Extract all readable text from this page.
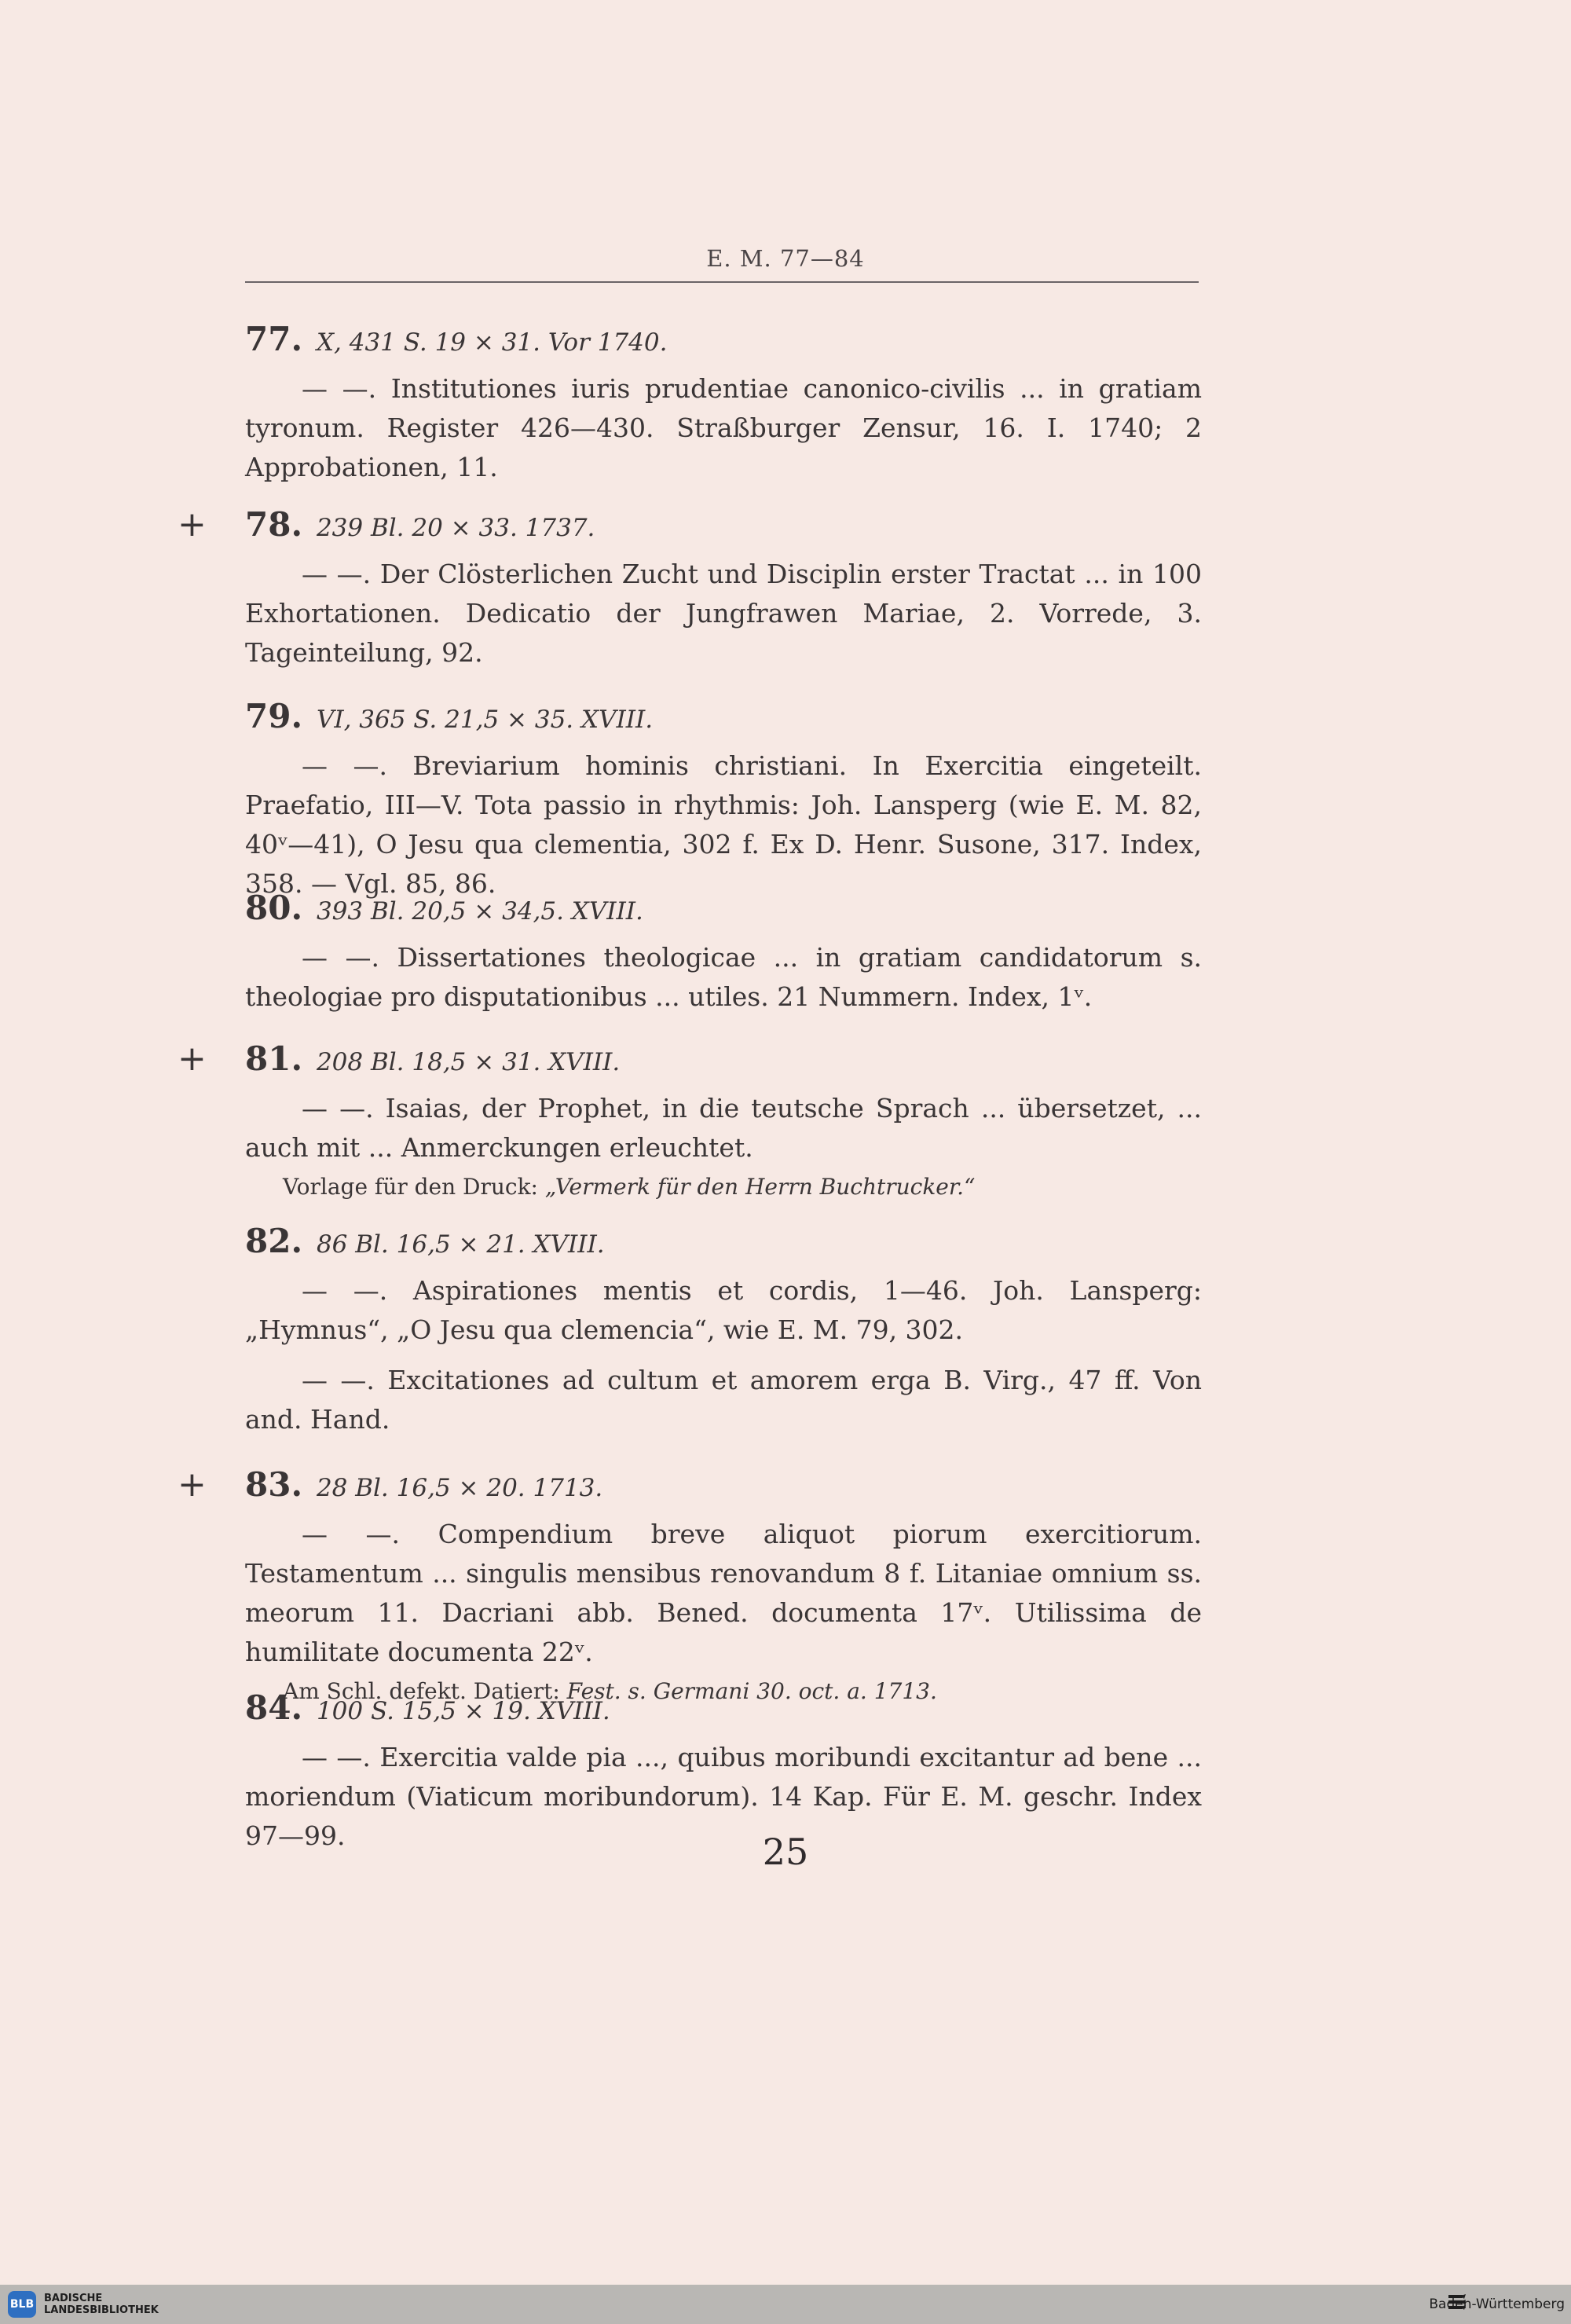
E. M. 77—84
77. X, 431 S. 19 × 31. Vor 1740.

— —. Institutiones iuris prudentiae canonico-civilis ... in gratiam tyronum. Register 426—430. Straßburger Zensur, 16. I. 1740; 2 Approbationen, 11.

+ 78. 239 Bl. 20 × 33. 1737.

— —. Der Clösterlichen Zucht und Disciplin erster Tractat ... in 100 Exhortationen. Dedicatio der Jungfrawen Mariae, 2. Vorrede, 3. Tageinteilung, 92.

79. VI, 365 S. 21,5 × 35. XVIII.

— —. Breviarium hominis christiani. In Exercitia eingeteilt. Praefatio, III—V. Tota passio in rhythmis: Joh. Lansperg (wie E. M. 82, 40ᵛ—41), O Jesu qua clementia, 302 f. Ex D. Henr. Susone, 317. Index, 358. — Vgl. 85, 86.

80. 393 Bl. 20,5 × 34,5. XVIII.

— —. Dissertationes theologicae ... in gratiam candidatorum s. theologiae pro disputationibus ... utiles. 21 Nummern. Index, 1ᵛ.

+ 81. 208 Bl. 18,5 × 31. XVIII.

— —. Isaias, der Prophet, in die teutsche Sprach ... übersetzet, ... auch mit ... Anmerckungen erleuchtet.

Vorlage für den Druck: „Vermerk für den Herrn Buchtrucker.“
82. 86 Bl. 16,5 × 21. XVIII.

— —. Aspirationes mentis et cordis, 1—46. Joh. Lansperg: „Hymnus“, „O Jesu qua clemencia“, wie E. M. 79, 302.

— —. Excitationes ad cultum et amorem erga B. Virg., 47 ff. Von and. Hand.

+ 83. 28 Bl. 16,5 × 20. 1713.

— —. Compendium breve aliquot piorum exercitiorum. Testamentum ... singulis mensibus renovandum 8 f. Litaniae omnium ss. meorum 11. Dacriani abb. Bened. documenta 17ᵛ. Utilissima de humilitate documenta 22ᵛ.

Am Schl. defekt. Datiert: Fest. s. Germani 30. oct. a. 1713.
84. 100 S. 15,5 × 19. XVIII.

— —. Exercitia valde pia ..., quibus moribundi excitantur ad bene ... moriendum (Viaticum moribundorum). 14 Kap. Für E. M. geschr. Index 97—99.	25
BLB BADISCHE
LANDESBIBLIOTHEK	Baden-Württemberg
